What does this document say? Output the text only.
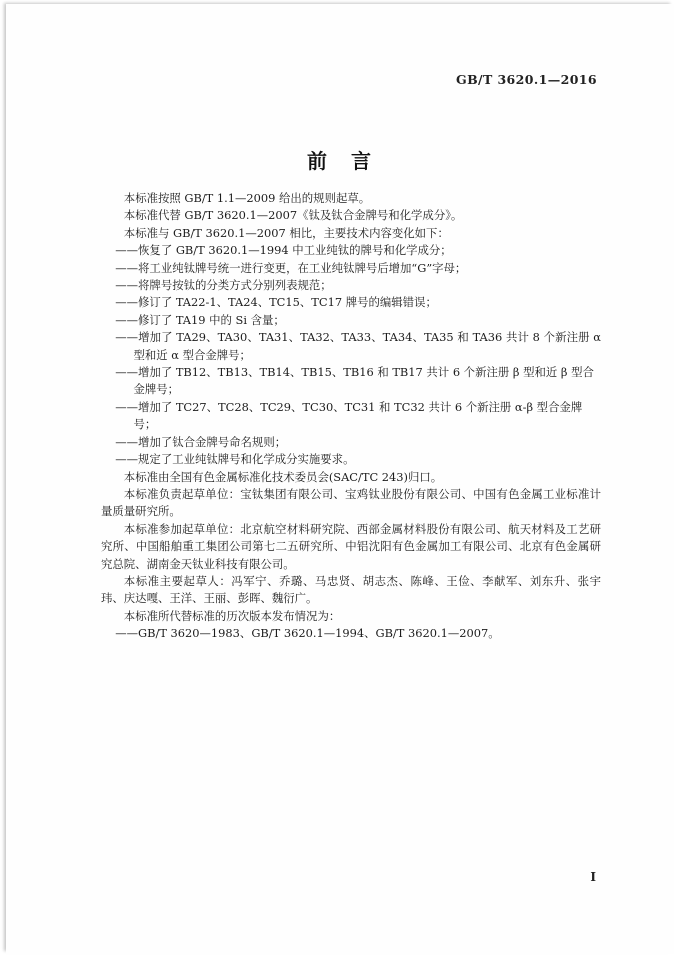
GB/T 3620.1—2016
前　言

本标准按照 GB/T 1.1—2009 给出的规则起草。

本标准代替 GB/T 3620.1—2007《钛及钛合金牌号和化学成分》。

本标准与 GB/T 3620.1—2007 相比，主要技术内容变化如下：

——恢复了 GB/T 3620.1—1994 中工业纯钛的牌号和化学成分；

——将工业纯钛牌号统一进行变更，在工业纯钛牌号后增加“G”字母；

——将牌号按钛的分类方式分别列表规范；

——修订了 TA22-1、TA24、TC15、TC17 牌号的编辑错误；

——修订了 TA19 中的 Si 含量；

——增加了 TA29、TA30、TA31、TA32、TA33、TA34、TA35 和 TA36 共计 8 个新注册 α 型和近 α 型合金牌号；

——增加了 TB12、TB13、TB14、TB15、TB16 和 TB17 共计 6 个新注册 β 型和近 β 型合金牌号；

——增加了 TC27、TC28、TC29、TC30、TC31 和 TC32 共计 6 个新注册 α-β 型合金牌号；

——增加了钛合金牌号命名规则；

——规定了工业纯钛牌号和化学成分实施要求。

本标准由全国有色金属标准化技术委员会(SAC/TC 243)归口。

本标准负责起草单位：宝钛集团有限公司、宝鸡钛业股份有限公司、中国有色金属工业标准计量质量研究所。

本标准参加起草单位：北京航空材料研究院、西部金属材料股份有限公司、航天材料及工艺研究所、中国船舶重工集团公司第七二五研究所、中铝沈阳有色金属加工有限公司、北京有色金属研究总院、湖南金天钛业科技有限公司。

本标准主要起草人：冯军宁、乔璐、马忠贤、胡志杰、陈峰、王俭、李献军、刘东升、张宇玮、庆达嘎、王洋、王丽、彭晖、魏衍广。

本标准所代替标准的历次版本发布情况为：

——GB/T 3620—1983、GB/T 3620.1—1994、GB/T 3620.1—2007。

I
